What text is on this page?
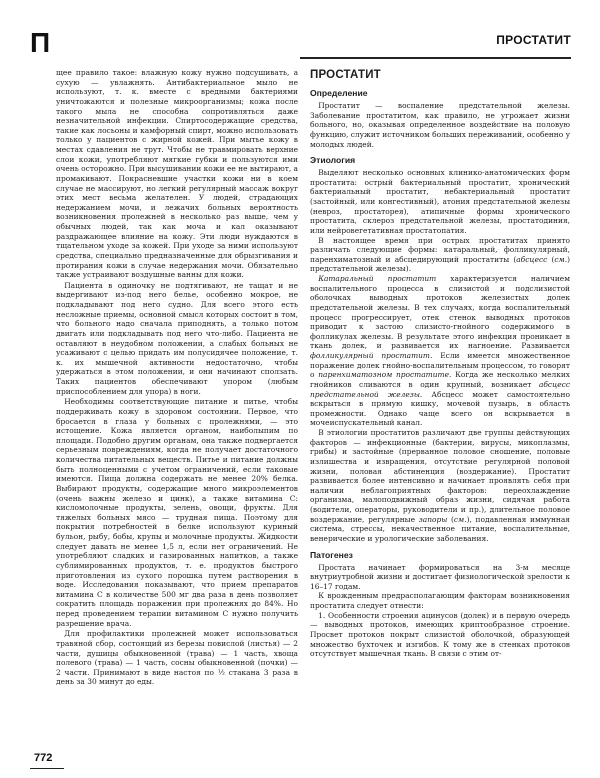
П	ПРОСТАТИТ

щее правило такое: влажную кожу нужно подсушивать, а сухую — увлажнять. Антибактериальное мыло не используют, т. к. вместе с вредными бактериями уничтожаются и полезные микроорганизмы; кожа после такого мыла не способна сопротивляться даже незначительной инфекции. Спиртосодержащие средства, такие как лосьоны и камфорный спирт, можно использовать только у пациентов с жирной кожей. При мытье кожу в местах сдавления не трут. Чтобы не травмировать верхние слои кожи, употребляют мягкие губки и пользуются ими очень осторожно. При высушивании кожи ее не вытирают, а промакивают. Покрасневшие участки кожи ни в коем случае не массируют, но легкий регулярный массаж вокруг этих мест весьма желателен. У людей, страдающих недержанием мочи, и лежачих больных вероятность возникновения пролежней в несколько раз выше, чем у обычных людей, так как моча и кал оказывают раздражающее влияние на кожу. Эти люди нуждаются в тщательном уходе за кожей. При уходе за ними используют средства, специально предназначенные для обрызгивания и протирания кожи в случае недержания мочи. Обязательно также устраивают воздушные ванны для кожи.

Пациента в одиночку не подтягивают, не тащат и не выдергивают из-под него белье, особенно мокрое, не подкладывают под него судно. Для всего этого есть несложные приемы, основной смысл которых состоит в том, что больного надо сначала приподнять, а только потом двигать или подкладывать под него что-либо. Пациента не оставляют в неудобном положении, а слабых больных не усаживают с целью придать им полусидячее положение, т. к. их мышечной активности недостаточно, чтобы удержаться в этом положении, и они начинают сползать. Таких пациентов обеспечивают упором (любым приспособлением для упора) в ноги.

Необходимы соответствующие питание и питье, чтобы поддерживать кожу в здоровом состоянии. Первое, что бросается в глаза у больных с пролежнями, — это истощение. Кожа является органом, наиболыпим по площади. Подобно другим органам, она также подвергается серьезным повреждениям, когда не получает достаточного количества питательных веществ. Питье и питание должны быть полноценными с учетом ограничений, если таковые имеются. Пища должна содержать не менее 20% белка. Выбирают продукты, содержащие много микроэлементов (очень важны железо и цинк), а также витамина С: кисломолочные продукты, зелень, овощи, фрукты. Для тяжелых больных мясо — трудная пища. Поэтому для покрытия потребностей в белке используют куриный бульон, рыбу, бобы, крупы и молочные продукты. Жидкости следует давать не менее 1,5 л, если нет ограничений. Не употребляют сладких и газированных напитков, а также сублимированных продуктов, т. е. продуктов быстрого приготовления из сухого порошка путем растворения в воде. Исследования показывают, что прием препаратов витамина С в количестве 500 мг два раза в день позволяет сократить площадь поражения при пролежнях до 84%. Но перед проведением терапии витамином С нужно получить разрешение врача.

Для профилактики пролежней может использоваться травяной сбор, состоящий из березы повислой (листья) — 2 части, душицы обыкновенной (трава) — 1 часть, хвоща полевого (трава) — 1 часть, сосны обыкновенной (почки) — 2 части. Принимают в виде настоя по ½ стакана 3 раза в день за 30 минут до еды.

ПРОСТАТИТ
Определение

Простатит — воспаление предстательной железы. Заболевание простатитом, как правило, не угрожает жизни больного, но, оказывая определенное воздействие на половую функцию, служит источником больших переживаний, особенно у молодых людей.

Этиология

Выделяют несколько основных клинико-анатомических форм простатита: острый бактериальный простатит, хронический бактериальный простатит, небактериальный простатит (застойный, или конгестивный), атония предстательной железы (невроз, простаторея), атипичные формы хронического простатита, склероз предстательной железы, простатодиния, или нейровегетативная простатопатия.

В настоящее время при острых простатитах принято различать следующие формы: катаральный, фолликулярный, паренхиматозный и абсцедирующий простатиты (абсцесс (см.) предстательной железы).

Катаральный простатит характеризуется наличием воспалительного процесса в слизистой и подслизистой оболочках выводных протоков железистых долек предстательной железы. В тех случаях, когда воспалительный процесс прогрессирует, отек стенок выводных протоков приводит к застою слизисто-гнойного содержимого в фолликулах железы. В результате этого инфекция проникает в ткань долек, и развивается их нагноение. Развивается фолликулярный простатит. Если имеется множественное поражение долек гнойно-воспалительным процессом, то говорят о паренхиматозном простатите. Когда же несколько мелких гнойников сливаются в один крупный, возникает абсцесс предстательной железы. Абсцесс может самостоятельно вскрыться в прямую кишку, мочевой пузырь, в область промежности. Однако чаще всего он вскрывается в мочеиспускательный канал.

В этиологии простатитов различают две группы действующих факторов — инфекционные (бактерии, вирусы, микоплазмы, грибы) и застойные (прерванное половое сношение, половые излишества и извращения, отсутствие регулярной половой жизни, половая абстиненция (воздержание). Простатит развивается более интенсивно и начинает проявлять себя при наличии неблагоприятных факторов: переохлаждение организма, малоподвижный образ жизни, сидячая работа (водители, операторы, руководители и пр.), длительное половое воздержание, регулярные запоры (см.), подавленная иммунная система, стрессы, некачественное питание, воспалительные, венерические и урологические заболевания.

Патогенез

Простата начинает формироваться на 3-м месяце внутриутробной жизни и достигает физиологической зрелости к 16–17 годам.

К врожденным предрасполагающим факторам возникновения простатита следует отнести:

1. Особенности строения ацинусов (долек) и в первую очередь — выводных протоков, имеющих криптообразное строение. Просвет протоков покрыт слизистой оболочкой, образующей множество бухточек и изгибов. К тому же в стенках протоков отсутствует мышечная ткань. В связи с этим от-

772
